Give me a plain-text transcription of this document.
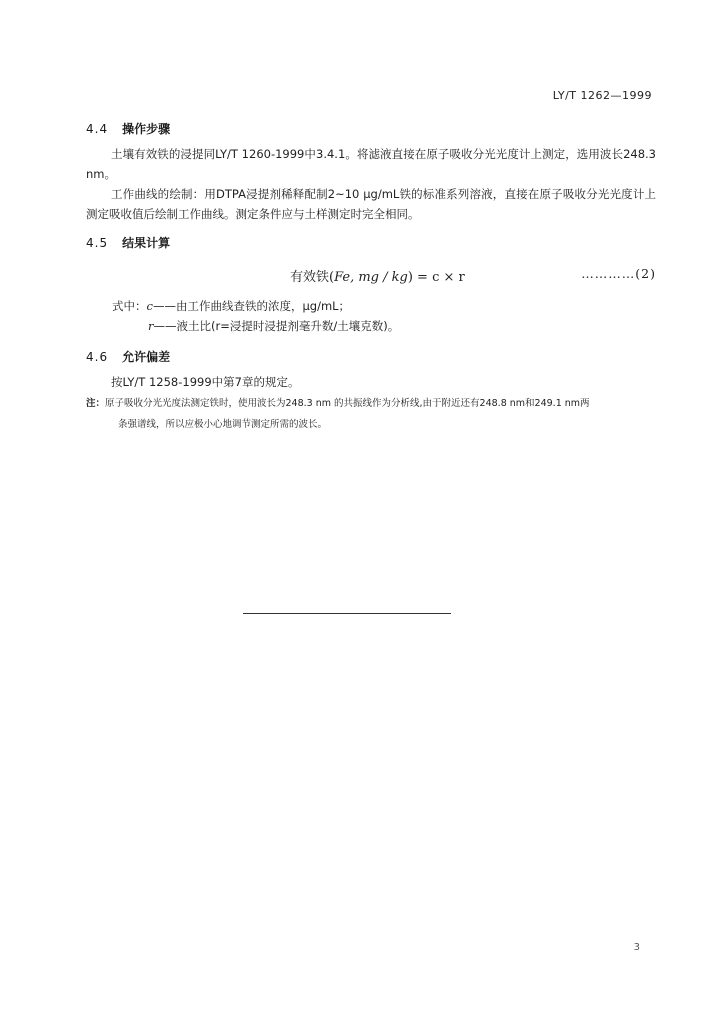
LY/T 1262—1999
4.4 操作步骤
土壤有效铁的浸提同LY/T 1260-1999中3.4.1。将滤液直接在原子吸收分光光度计上测定，选用波长248.3 nm。
工作曲线的绘制：用DTPA浸提剂稀释配制2~10 μg/mL铁的标准系列溶液，直接在原子吸收分光光度计上测定吸收值后绘制工作曲线。测定条件应与土样测定时完全相同。
4.5 结果计算
有效铁(Fe, mg / kg) = c × r	…………(2)
式中：c——由工作曲线查铁的浓度，μg/mL；
r——液土比(r=浸提时浸提剂毫升数/土壤克数)。
4.6 允许偏差
按LY/T 1258-1999中第7章的规定。
注：原子吸收分光光度法测定铁时，使用波长为248.3 nm 的共振线作为分析线,由于附近还有248.8 nm和249.1 nm两
条强谱线，所以应极小心地调节测定所需的波长。
3
